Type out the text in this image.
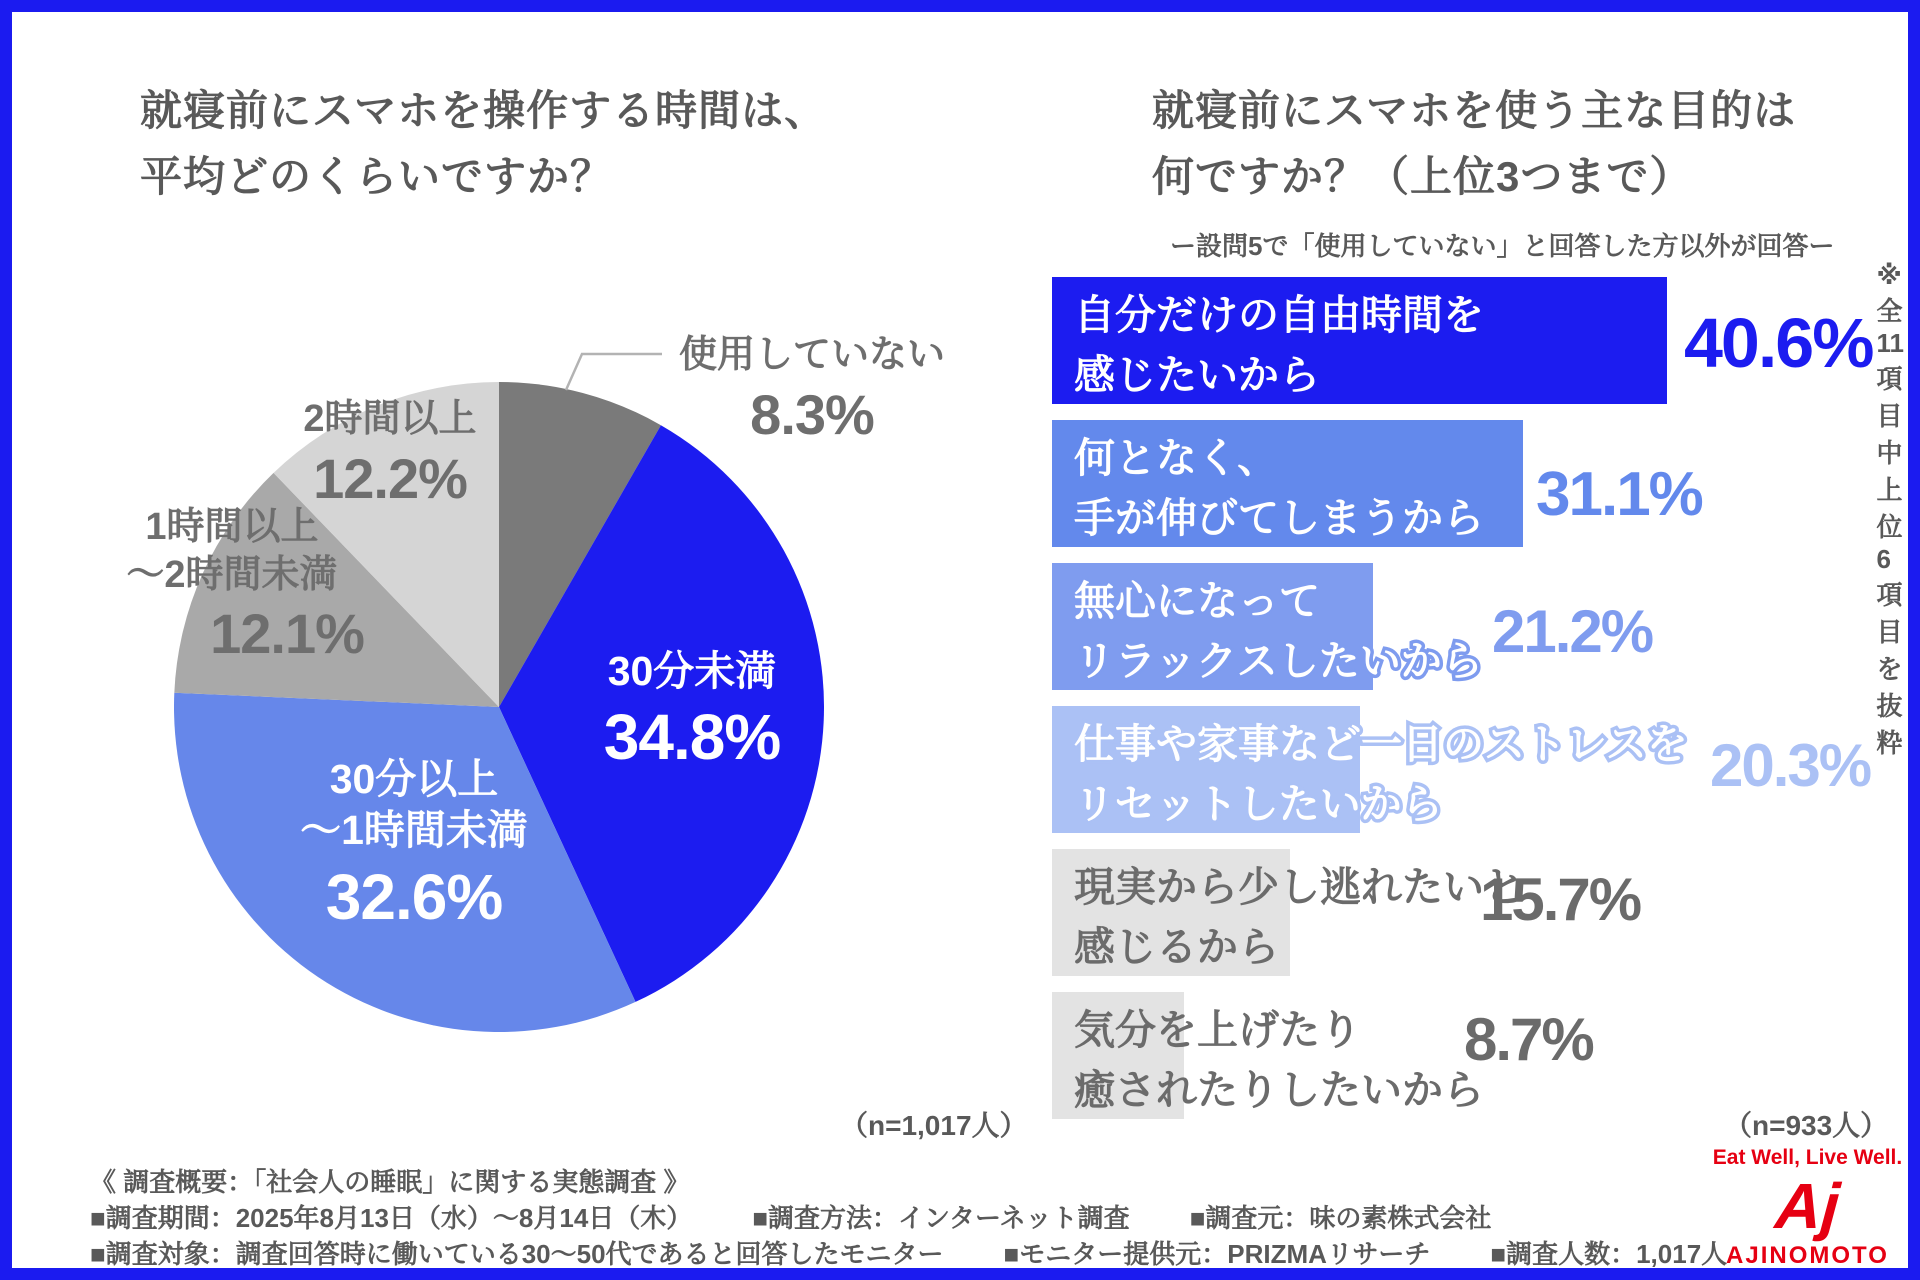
就寝前にスマホを操作する時間は、
平均どのくらいですか？
使用していない
8.3%
30分未満
34.8%
30分以上
～1時間未満
32.6%
1時間以上
～2時間未満
12.1%
2時間以上
12.2%
（n=1,017人）
就寝前にスマホを使う主な目的は
何ですか？（上位3つまで）
ー設問5で「使用していない」と回答した方以外が回答ー
※全11項目中上位6項目を抜粋
自分だけの自由時間を
感じたいから	40.6%
何となく、
手が伸びてしまうから 31.1%
無心になって
リラックスしたいから 21.2%
仕事や家事など一日のストレスを
リセットしたいから
20.3%
現実から少し逃れたいと
感じるから
15.7%
気分を上げたり
癒されたりしたいから
8.7%
（n=933人）
《 調査概要：「社会人の睡眠」に関する実態調査 》
■調査期間：2025年8月13日（水）～8月14日（木） ■調査方法：インターネット調査 ■調査元：味の素株式会社
■調査対象：調査回答時に働いている30～50代であると回答したモニター ■モニター提供元：PRIZMAリサーチ ■調査人数：1,017人
Eat Well, Live Well.
Aj
AJINOMOTO
